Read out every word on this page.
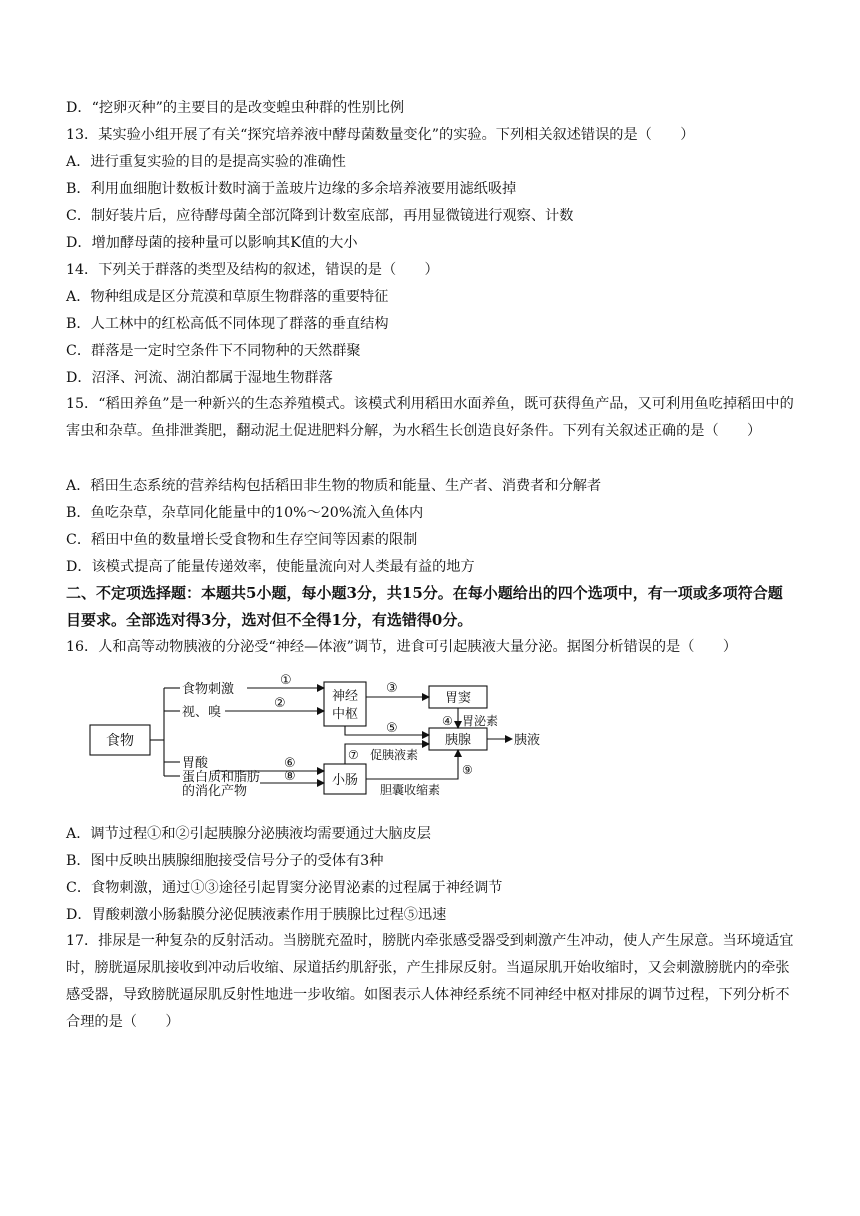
D．“挖卵灭种”的主要目的是改变蝗虫种群的性别比例
13．某实验小组开展了有关“探究培养液中酵母菌数量变化”的实验。下列相关叙述错误的是（　　）
A．进行重复实验的目的是提高实验的准确性
B．利用血细胞计数板计数时滴于盖玻片边缘的多余培养液要用滤纸吸掉
C．制好装片后，应待酵母菌全部沉降到计数室底部，再用显微镜进行观察、计数
D．增加酵母菌的接种量可以影响其K值的大小
14．下列关于群落的类型及结构的叙述，错误的是（　　）
A．物种组成是区分荒漠和草原生物群落的重要特征
B．人工林中的红松高低不同体现了群落的垂直结构
C．群落是一定时空条件下不同物种的天然群聚
D．沼泽、河流、湖泊都属于湿地生物群落
15．“稻田养鱼”是一种新兴的生态养殖模式。该模式利用稻田水面养鱼，既可获得鱼产品，又可利用鱼吃掉稻田中的害虫和杂草。鱼排泄粪肥，翻动泥土促进肥料分解，为水稻生长创造良好条件。下列有关叙述正确的是（　　）
A．稻田生态系统的营养结构包括稻田非生物的物质和能量、生产者、消费者和分解者
B．鱼吃杂草，杂草同化能量中的10%～20%流入鱼体内
C．稻田中鱼的数量增长受食物和生存空间等因素的限制
D．该模式提高了能量传递效率，使能量流向对人类最有益的地方
二、不定项选择题：本题共5小题，每小题3分，共15分。在每小题给出的四个选项中，有一项或多项符合题目要求。全部选对得3分，选对但不全得1分，有选错得0分。
16．人和高等动物胰液的分泌受“神经—体液”调节，进食可引起胰液大量分泌。据图分析错误的是（　　）
食物
食物刺激
视、嗅
胃酸
蛋白质和脂肪
的消化产物
神经
中枢
胃窦
胰腺	胰液
小肠
胃泌素
促胰液素
胆囊收缩素
①
②
③
④
⑤
⑥
⑦
⑧	⑨
A．调节过程①和②引起胰腺分泌胰液均需要通过大脑皮层
B．图中反映出胰腺细胞接受信号分子的受体有3种
C．食物刺激，通过①③途径引起胃窦分泌胃泌素的过程属于神经调节
D．胃酸刺激小肠黏膜分泌促胰液素作用于胰腺比过程⑤迅速
17．排尿是一种复杂的反射活动。当膀胱充盈时，膀胱内牵张感受器受到刺激产生冲动，使人产生尿意。当环境适宜时，膀胱逼尿肌接收到冲动后收缩、尿道括约肌舒张，产生排尿反射。当逼尿肌开始收缩时，又会刺激膀胱内的牵张感受器，导致膀胱逼尿肌反射性地进一步收缩。如图表示人体神经系统不同神经中枢对排尿的调节过程，下列分析不合理的是（　　）
